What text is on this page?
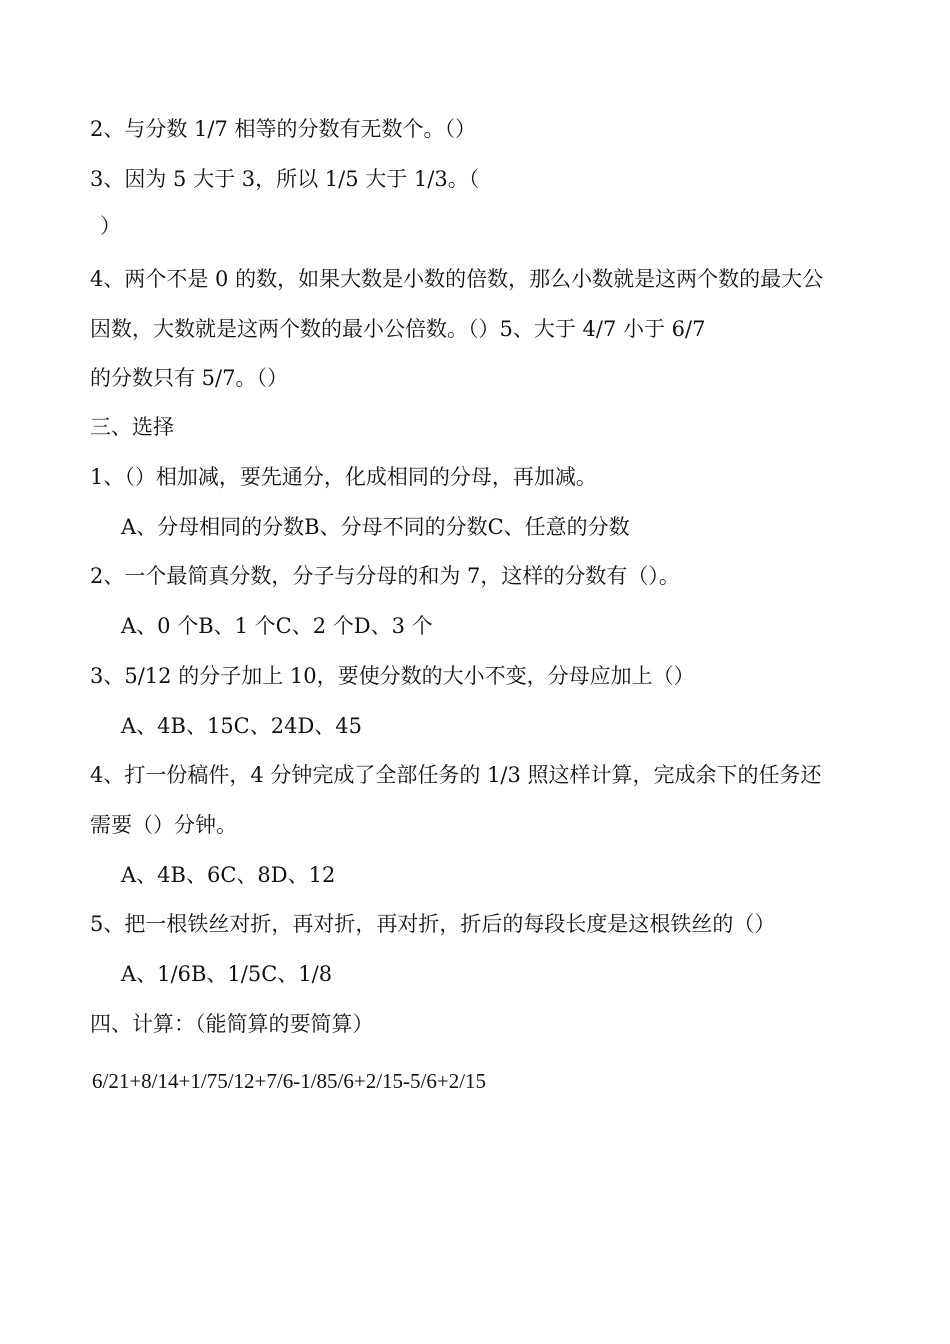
2、与分数 1/7 相等的分数有无数个。（）
3、因为 5 大于 3，所以 1/5 大于 1/3。（
）
4、两个不是 0 的数，如果大数是小数的倍数，那么小数就是这两个数的最大公
因数，大数就是这两个数的最小公倍数。（）5、大于 4/7 小于 6/7
的分数只有 5/7。（）
三、选择
1、（）相加减，要先通分，化成相同的分母，再加减。
A、分母相同的分数B、分母不同的分数C、任意的分数
2、一个最简真分数，分子与分母的和为 7，这样的分数有（）。
A、0 个B、1 个C、2 个D、3 个
3、5/12 的分子加上 10，要使分数的大小不变，分母应加上（）
A、4B、15C、24D、45
4、打一份稿件，4 分钟完成了全部任务的 1/3 照这样计算，完成余下的任务还
需要（）分钟。
A、4B、6C、8D、12
5、把一根铁丝对折，再对折，再对折，折后的每段长度是这根铁丝的（）
A、1/6B、1/5C、1/8
四、计算：（能简算的要简算）
6/21+8/14+1/75/12+7/6-1/85/6+2/15-5/6+2/15
